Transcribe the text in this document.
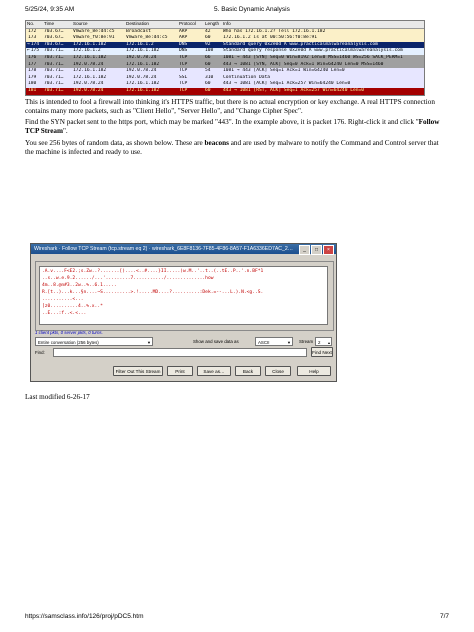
5/25/24, 9:35 AM	5. Basic Dynamic Analysis
No.	Time	Source	Destination	Protocol	Length Info
172	703.67…	Vmware_8e:d4:c5	Broadcast	ARP	42	Who has 172.16.1.2? Tell 172.16.1.182
173	703.67…	Vmware_f0:8e:91	Vmware_8e:d4:c5	ARP	60	172.16.1.2 is at 00:50:56:f0:8e:91
→174	703.67…	172.16.1.182	172.16.1.2	DNS	92	Standard query 0x2e0d A www.practicalmalwareanalysis.com
←175	703.71…	172.16.1.2	172.16.1.182	DNS	108	Standard query response 0x2e0d A www.practicalmalwareanalysis.com
176	703.71…	172.16.1.182	192.0.78.24	TCP	66	1081 → 443 [SYN] Seq=0 Win=8192 Len=0 MSS=1460 WS=256 SACK_PERM=1
177	703.71…	192.0.78.24	172.16.1.182	TCP	60	443 → 1081 [SYN, ACK] Seq=0 Ack=1 Win=64240 Len=0 MSS=1460
178	703.71…	172.16.1.182	192.0.78.24	TCP	54	1081 → 443 [ACK] Seq=1 Ack=1 Win=64240 Len=0
179	703.71…	172.16.1.182	192.0.78.24	SSL	310	Continuation Data
180	703.71…	192.0.78.24	172.16.1.182	TCP	60	443 → 1081 [ACK] Seq=1 Ack=257 Win=64240 Len=0
181	703.71…	192.0.78.24	172.16.1.182	TCP	60	443 → 1081 [RST, ACK] Seq=1 Ack=257 Win=64240 Len=0
This is intended to fool a firewall into thinking it's HTTPS traffic, but there is no actual encryption or key exchange. A real HTTPS connection contains many more packets, such as "Client Hello", "Server Hello", and "Change Cipher Spec".
Find the SYN packet sent to the https port, which may be marked "443". In the example above, it is packet 176. Right-click it and click "Follow TCP Stream".
You see 256 bytes of random data, as shown below. These are beacons and are used by malware to notify the Command and Control server that the machine is infected and ready to use.
Wireshark · Follow TCP Stream (tcp.stream eq 2) · wireshark_6E8F8136-7F85-4F86-8A57-F1A6336ED7AC_2…	_	□	×
.A.v....F<E2.;s.Zw..?.......[)....<..#....}II.....)w.M..'..t..(..tE..P..'.n.BF*1
..s..w.e.9.2....../...'.........7.........../..............how
4m..8.@n#3..2w..%..6.1.....
R.[t..)...k...§n....~S..........>.!.....MD....?..........:Dek.=--...L.).N.<g..S.
...........<...
[z0..........4..%.x..*
..E...:f..<.<...
1 client pkts, 0 server pkts, 0 turns.
Entire conversation (256 bytes)	▼	Show and save data as	ASCII	▼ Stream	2 ▴
Find:	Find Next
Filter Out This Stream	Print	Save as…	Back	Close	Help
Last modified 6-26-17
https://samsclass.info/126/proj/pDC5.htm	7/7
